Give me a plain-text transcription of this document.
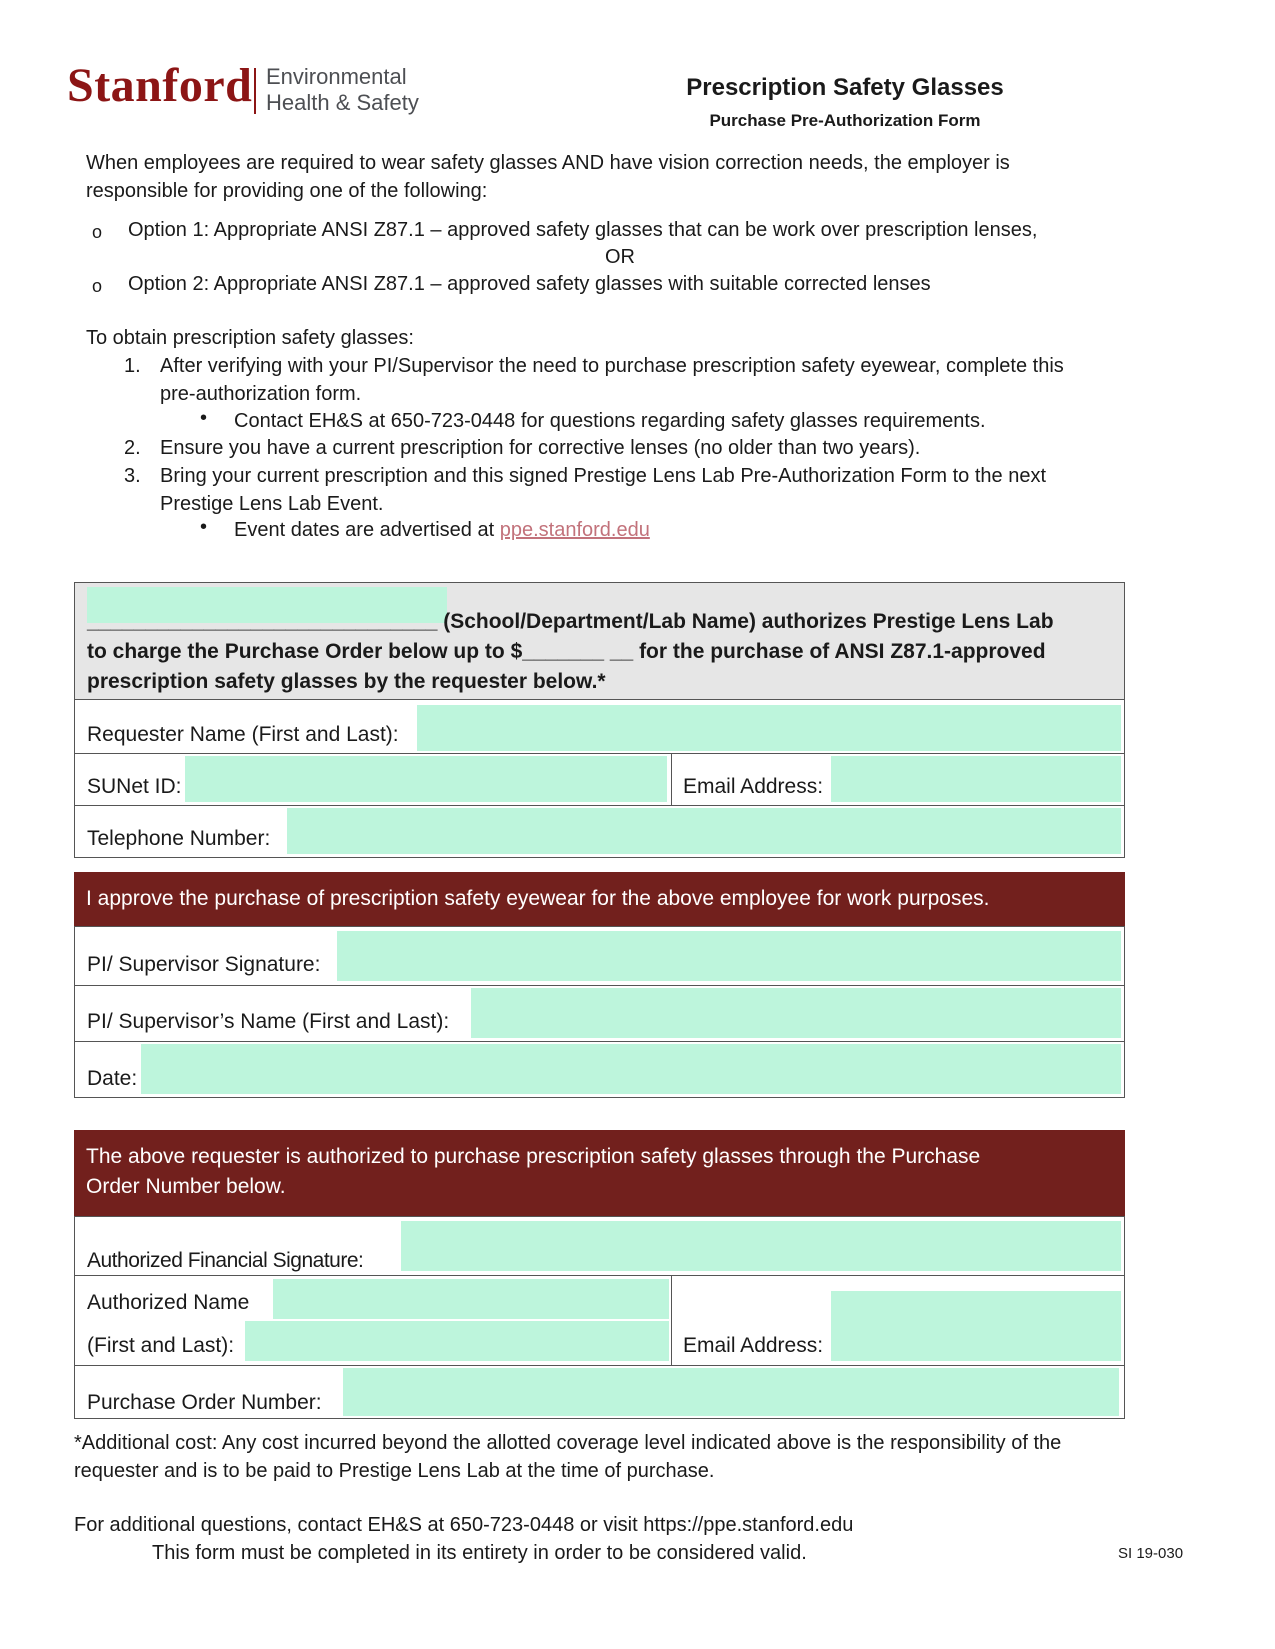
Stanford Environmental
Health & Safety
Prescription Safety Glasses
Purchase Pre-Authorization Form
When employees are required to wear safety glasses AND have vision correction needs, the employer is responsible for providing one of the following:
o Option 1: Appropriate ANSI Z87.1 – approved safety glasses that can be work over prescription lenses,
OR
o Option 2: Appropriate ANSI Z87.1 – approved safety glasses with suitable corrected lenses
To obtain prescription safety glasses:
1. After verifying with your PI/Supervisor the need to purchase prescription safety eyewear, complete this pre-authorization form.
• Contact EH&S at 650-723-0448 for questions regarding safety glasses requirements.
2. Ensure you have a current prescription for corrective lenses (no older than two years).
3. Bring your current prescription and this signed Prestige Lens Lab Pre-Authorization Form to the next Prestige Lens Lab Event.
• Event dates are advertised at ppe.stanford.edu
______________________________ (School/Department/Lab Name) authorizes Prestige Lens Lab
to charge the Purchase Order below up to $_______ __ for the purchase of ANSI Z87.1-approved
prescription safety glasses by the requester below.*
Requester Name (First and Last):
SUNet ID:	Email Address:
Telephone Number:
I approve the purchase of prescription safety eyewear for the above employee for work purposes.
PI/ Supervisor Signature:
PI/ Supervisor’s Name (First and Last):
Date:
The above requester is authorized to purchase prescription safety glasses through the Purchase
Order Number below.
Authorized Financial Signature:
Authorized Name
(First and Last):	Email Address:
Purchase Order Number:
*Additional cost: Any cost incurred beyond the allotted coverage level indicated above is the responsibility of the
requester and is to be paid to Prestige Lens Lab at the time of purchase.
For additional questions, contact EH&S at 650-723-0448 or visit https://ppe.stanford.edu
This form must be completed in its entirety in order to be considered valid.	SI 19-030
